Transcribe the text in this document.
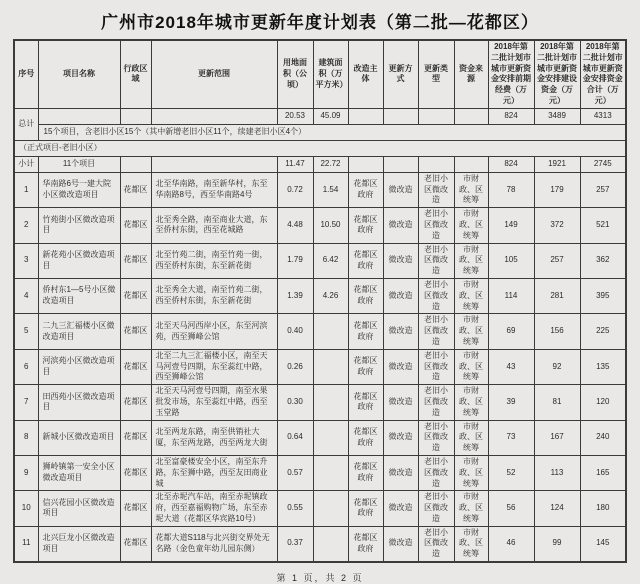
广州市2018年城市更新年度计划表（第二批—花都区）
序号	项目名称	行政区域	更新范围	用地面积（公顷）	建筑面积（万平方米）	改造主体	更新方式	更新类型	资金来源	2018年第二批计划市城市更新资金安排前期经费（万元）	2018年第二批计划市城市更新资金安排建设资金（万元）	2018年第二批计划市城市更新资金安排资金合计（万元）
总计				20.53	45.09					824	3489	4313
	15个项目，含老旧小区15个（其中新增老旧小区11个，续建老旧小区4个）											
（正式项目-老旧小区）												
小计	11个项目			11.47	22.72					824	1921	2745
1	华南路6号一建大院小区微改造项目	花都区	北至华南路，南至新华村，东至华南路8号，西至华南路4号	0.72	1.54	花都区政府	微改造	老旧小区微改造	市财政、区统筹	78	179	257
2	竹苑街小区微改造项目	花都区	北至秀全路，南至商业大道，东至侨村东街，西至花城路	4.48	10.50	花都区政府	微改造	老旧小区微改造	市财政、区统筹	149	372	521
3	新花苑小区微改造项目	花都区	北至竹苑二街，南至竹苑一街，西至侨村东街，东至新花街	1.79	6.42	花都区政府	微改造	老旧小区微改造	市财政、区统筹	105	257	362
4	侨村东1—5号小区微改造项目	花都区	北至秀全大道，南至竹苑二街，西至侨村东街，东至新花街	1.39	4.26	花都区政府	微改造	老旧小区微改造	市财政、区统筹	114	281	395
5	二九三汇福楼小区微改造项目	花都区	北至天马河西岸小区，东至河滨苑，西至狮峰公馆	0.40		花都区政府	微改造	老旧小区微改造	市财政、区统筹	69	156	225
6	河滨苑小区微改造项目	花都区	北至二九三汇福楼小区，南至天马河壹号四期，东至蕊红中路，西至狮峰公馆	0.26		花都区政府	微改造	老旧小区微改造	市财政、区统筹	43	92	135
7	田西苑小区微改造项目	花都区	北至天马河壹号四期，南至水果批发市场，东至蕊红中路，西至玉堂路	0.30		花都区政府	微改造	老旧小区微改造	市财政、区统筹	39	81	120
8	新城小区微改造项目	花都区	北至两龙东路，南至供销社大厦，东至两龙路，西至两龙大街	0.64		花都区政府	微改造	老旧小区微改造	市财政、区统筹	73	167	240
9	狮岭镇第一安全小区微改造项目	花都区	北至富豪楼安全小区，南至东升路，东至狮中路，西至友田商业城	0.57		花都区政府	微改造	老旧小区微改造	市财政、区统筹	52	113	165
10	信兴花园小区微改造项目	花都区	北至赤坭汽车站，南至赤坭镇政府，西至嘉福购物广场，东至赤坭大道（花都区华宾路10号）	0.55		花都区政府	微改造	老旧小区微改造	市财政、区统筹	56	124	180
11	北兴巨龙小区微改造项目	花都区	花都大道S118与北兴街交界处无名路（金色童年幼儿园东侧）	0.37		花都区政府	微改造	老旧小区微改造	市财政、区统筹	46	99	145
第 1 页，共 2 页
